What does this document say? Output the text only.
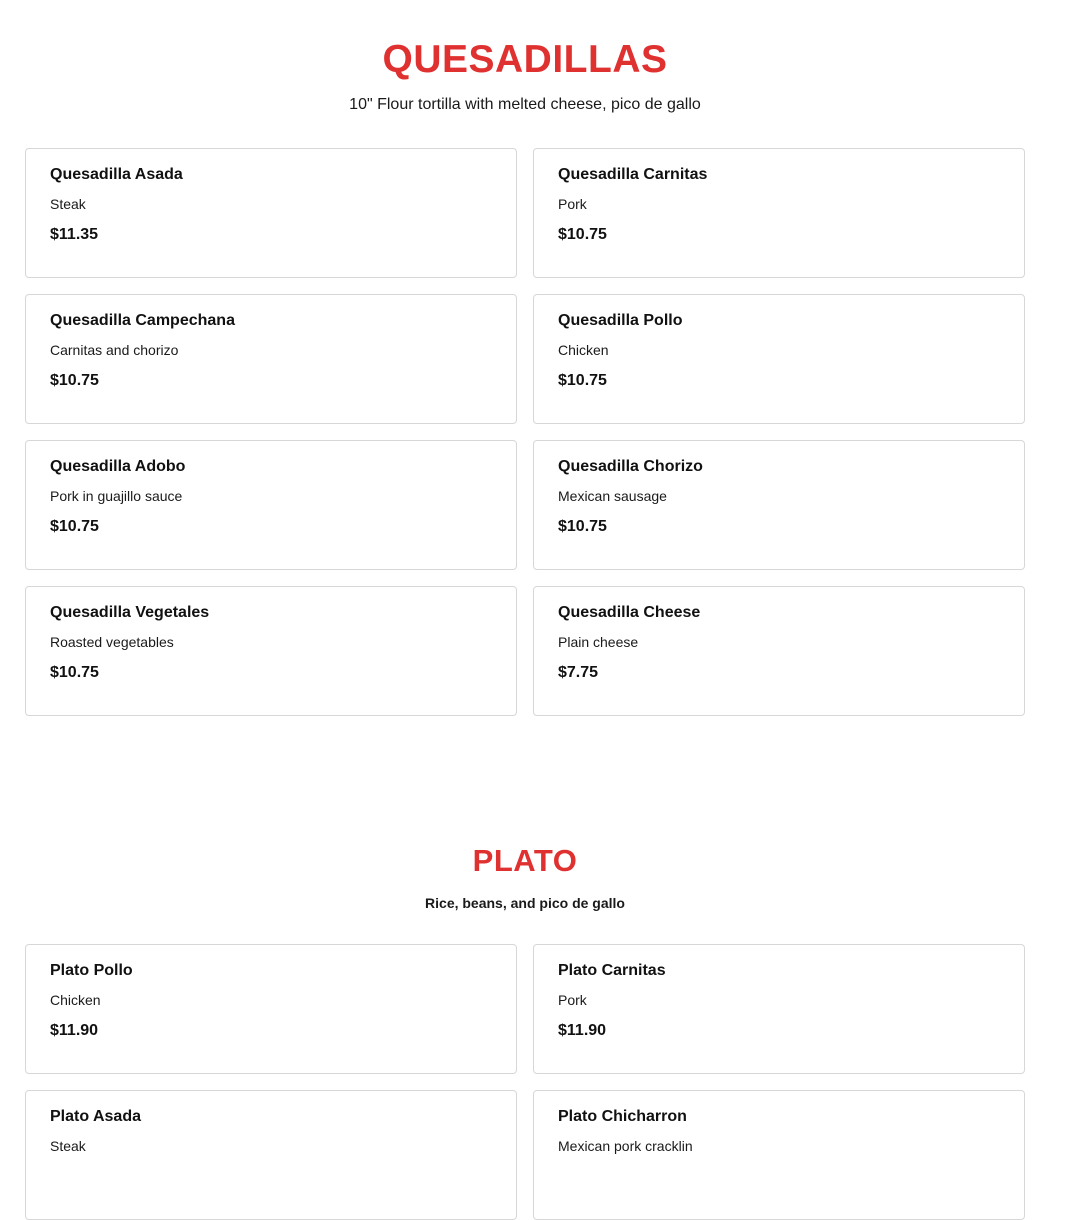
QUESADILLAS
10" Flour tortilla with melted cheese, pico de gallo
Quesadilla Asada
Steak
$11.35
Quesadilla Carnitas
Pork
$10.75
Quesadilla Campechana
Carnitas and chorizo
$10.75
Quesadilla Pollo
Chicken
$10.75
Quesadilla Adobo
Pork in guajillo sauce
$10.75
Quesadilla Chorizo
Mexican sausage
$10.75
Quesadilla Vegetales
Roasted vegetables
$10.75
Quesadilla Cheese
Plain cheese
$7.75
PLATO
Rice, beans, and pico de gallo
Plato Pollo
Chicken
$11.90
Plato Carnitas
Pork
$11.90
Plato Asada
Steak
Plato Chicharron
Mexican pork cracklin
